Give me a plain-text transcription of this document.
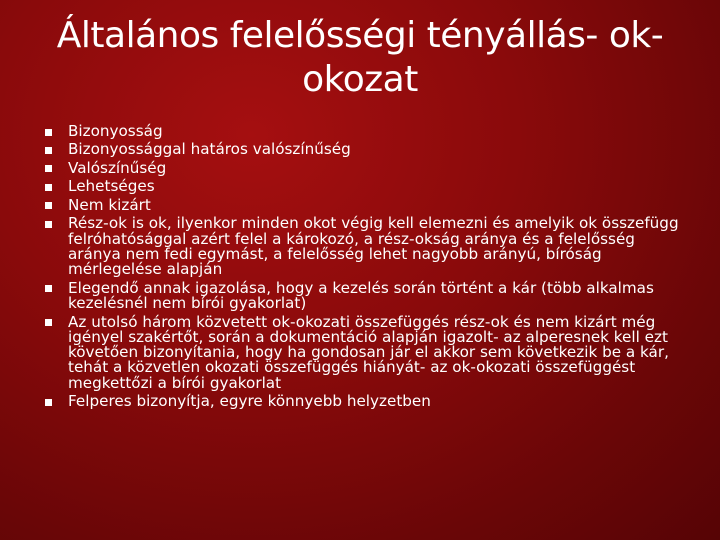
Általános felelősségi tényállás- ok-okozat
Bizonyosság
Bizonyossággal határos valószínűség
Valószínűség
Lehetséges
Nem kizárt
Rész-ok is ok, ilyenkor minden okot végig kell elemezni és amelyik ok összefügg felróhatósággal azért felel a károkozó, a rész-okság aránya és a felelősség aránya nem fedi egymást, a felelősség lehet nagyobb arányú, bíróság mérlegelése alapján
Elegendő annak igazolása, hogy a kezelés során történt a kár (több alkalmas kezelésnél nem bírói gyakorlat)
Az utolsó három közvetett ok-okozati összefüggés rész-ok és nem kizárt még igényel szakértőt, során a dokumentáció alapján igazolt- az alperesnek kell ezt követően bizonyítania, hogy ha gondosan jár el akkor sem következik be a kár, tehát a közvetlen okozati összefüggés hiányát- az ok-okozati összefüggést megkettőzi a bírói gyakorlat
Felperes bizonyítja, egyre könnyebb helyzetben
